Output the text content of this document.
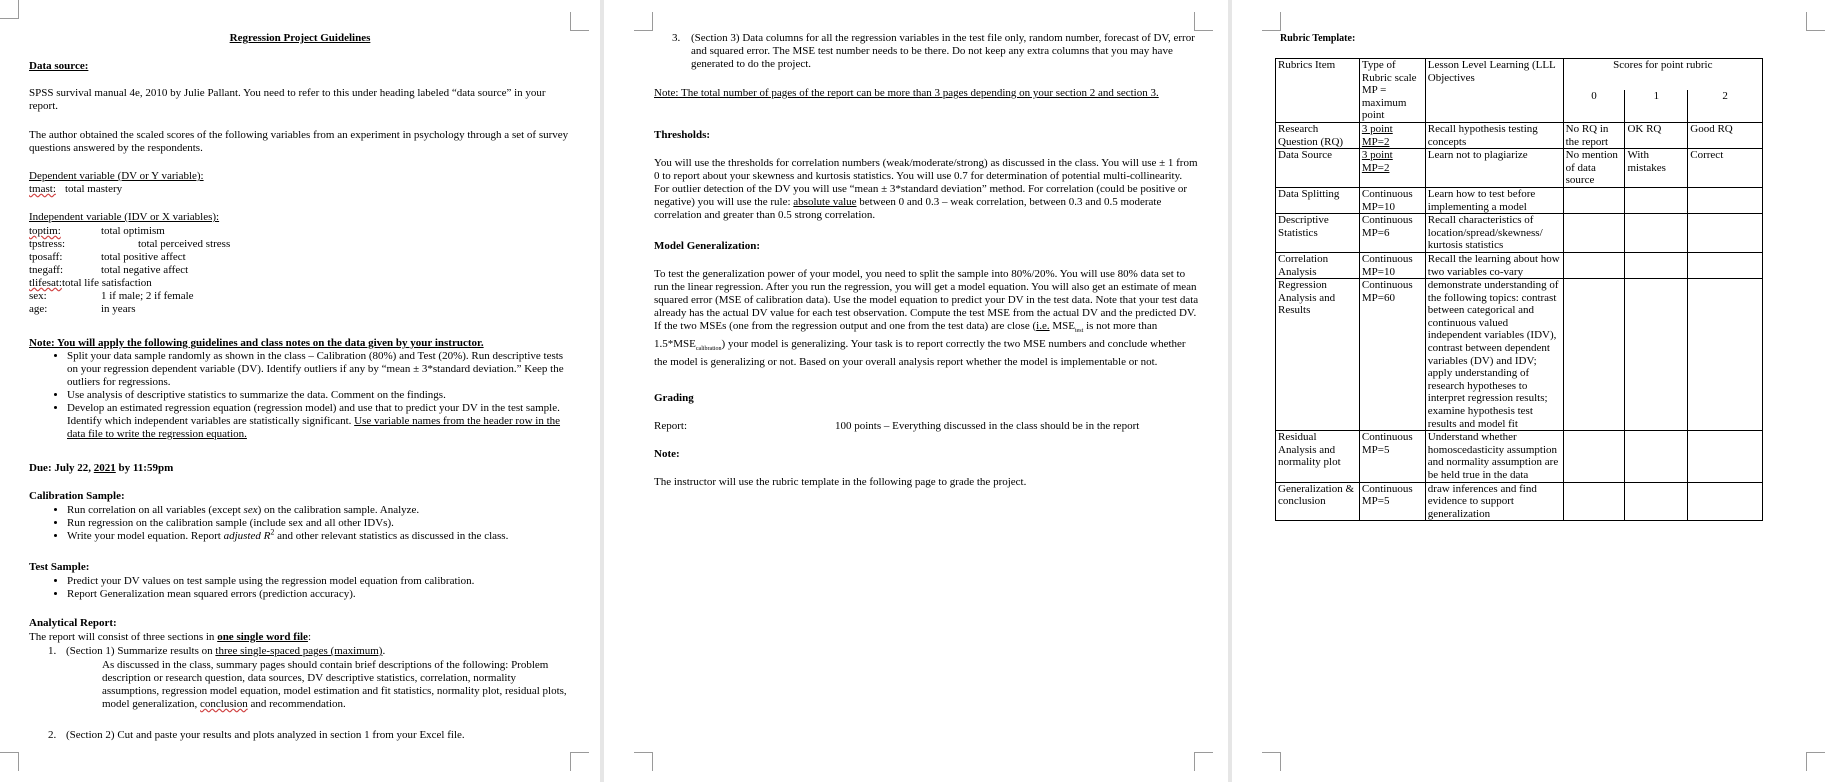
Regression Project Guidelines
Data source:
SPSS survival manual 4e, 2010 by Julie Pallant. You need to refer to this under heading labeled “data source” in your report.
The author obtained the scaled scores of the following variables from an experiment in psychology through a set of survey questions answered by the respondents.
Dependent variable (DV or Y variable):
tmast: total mastery
Independent variable (IDV or X variables):
toptim:	total optimism
tpstress:	total perceived stress
tposaff:	total positive affect
tnegaff:	total negative affect
tlifesat: total life satisfaction
sex:	1 if male; 2 if female
age:	in years
Note: You will apply the following guidelines and class notes on the data given by your instructor.
• Split your data sample randomly as shown in the class – Calibration (80%) and Test (20%). Run descriptive tests on your regression dependent variable (DV). Identify outliers if any by “mean ± 3*standard deviation.” Keep the outliers for regressions.
• Use analysis of descriptive statistics to summarize the data. Comment on the findings.
• Develop an estimated regression equation (regression model) and use that to predict your DV in the test sample. Identify which independent variables are statistically significant. Use variable names from the header row in the data file to write the regression equation.
Due: July 22, 2021 by 11:59pm
Calibration Sample:
• Run correlation on all variables (except sex) on the calibration sample. Analyze.
• Run regression on the calibration sample (include sex and all other IDVs).
• Write your model equation. Report adjusted $R^2$ and other relevant statistics as discussed in the class.
Test Sample:
• Predict your DV values on test sample using the regression model equation from calibration.
• Report Generalization mean squared errors (prediction accuracy).
Analytical Report:
The report will consist of three sections in one single word file:
1. (Section 1) Summarize results on three single-spaced pages (maximum).
As discussed in the class, summary pages should contain brief descriptions of the following: Problem description or research question, data sources, DV descriptive statistics, correlation, normality assumptions, regression model equation, model estimation and fit statistics, normality plot, residual plots, model generalization, conclusion and recommendation.
2. (Section 2) Cut and paste your results and plots analyzed in section 1 from your Excel file.
3. (Section 3) Data columns for all the regression variables in the test file only, random number, forecast of DV, error and squared error. The MSE test number needs to be there. Do not keep any extra columns that you may have generated to do the project.
Note: The total number of pages of the report can be more than 3 pages depending on your section 2 and section 3.
Thresholds:
You will use the thresholds for correlation numbers (weak/moderate/strong) as discussed in the class. You will use ± 1 from 0 to report about your skewness and kurtosis statistics. You will use 0.7 for determination of potential multi-collinearity. For outlier detection of the DV you will use “mean ± 3*standard deviation” method. For correlation (could be positive or negative) you will use the rule: absolute value between 0 and 0.3 – weak correlation, between 0.3 and 0.5 moderate correlation and greater than 0.5 strong correlation.
Model Generalization:
To test the generalization power of your model, you need to split the sample into 80%/20%. You will use 80% data set to run the linear regression. After you run the regression, you will get a model equation. You will also get an estimate of mean squared error (MSE of calibration data). Use the model equation to predict your DV in the test data. Note that your test data already has the actual DV value for each test observation. Compute the test MSE from the actual DV and the predicted DV. If the two MSEs (one from the regression output and one from the test data) are close (i.e. $MSE_{test}$ is not more than $1.5*MSE_{calibration}$) your model is generalizing. Your task is to report correctly the two MSE numbers and conclude whether the model is generalizing or not. Based on your overall analysis report whether the model is implementable or not.
Grading
Report:	100 points – Everything discussed in the class should be in the report
Note:
The instructor will use the rubric template in the following page to grade the project.
Rubric Template:
Rubrics Item	Type of Rubric scale MP = maximum point	Lesson Level Learning (LLL Objectives	Scores for point rubric		
			0	1	2
Research Question (RQ)	3 point MP=2	Recall hypothesis testing concepts	No RQ in the report	OK RQ	Good RQ
Data Source	3 point MP=2	Learn not to plagiarize	No mention of data source	With mistakes	Correct
Data Splitting	Continuous MP=10	Learn how to test before implementing a model			
Descriptive Statistics	Continuous MP=6	Recall characteristics of location/spread/skewness/ kurtosis statistics			
Correlation Analysis	Continuous MP=10	Recall the learning about how two variables co-vary			
Regression Analysis and Results	Continuous MP=60	demonstrate understanding of the following topics: contrast between categorical and continuous valued independent variables (IDV), contrast between dependent variables (DV) and IDV; apply understanding of research hypotheses to interpret regression results; examine hypothesis test results and model fit			
Residual Analysis and normality plot	Continuous MP=5	Understand whether homoscedasticity assumption and normality assumption are be held true in the data			
Generalization & conclusion	Continuous MP=5	draw inferences and find evidence to support generalization			
